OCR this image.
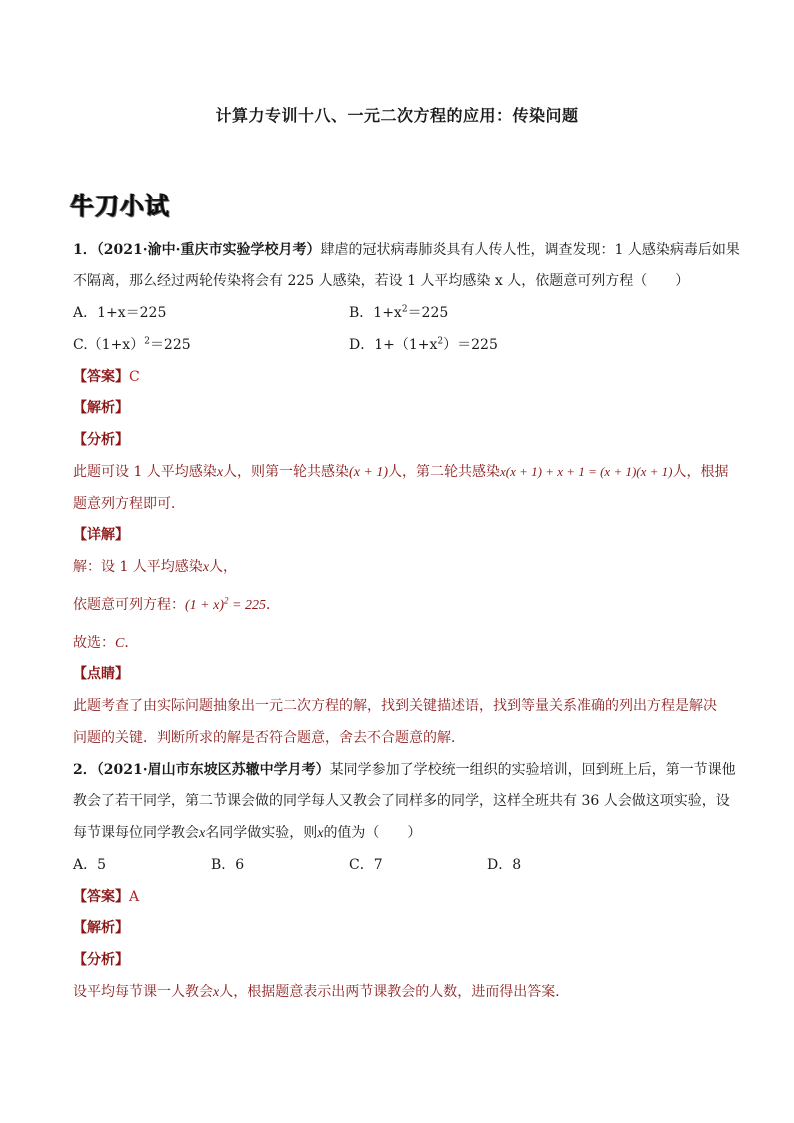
计算力专训十八、一元二次方程的应用：传染问题
牛刀小试
1．（2021·渝中·重庆市实验学校月考）肆虐的冠状病毒肺炎具有人传人性，调查发现：1 人感染病毒后如果
不隔离，那么经过两轮传染将会有 225 人感染，若设 1 人平均感染 x 人，依题意可列方程（　　）
A．1+x＝225	B．$1+x^2=225$
$C.(1+x)^2=225$	D．$1+(1+x^2)=225$
【答案】C
【解析】
【分析】
此题可设 1 人平均感染x人，则第一轮共感染(x + 1)人，第二轮共感染x(x + 1) + x + 1 = (x + 1)(x + 1)人，根据
题意列方程即可．
【详解】
解：设 1 人平均感染x人，
依题意可列方程：$(1 + x)^2 = 225$．
故选：C．
【点睛】
此题考查了由实际问题抽象出一元二次方程的解，找到关键描述语，找到等量关系准确的列出方程是解决
问题的关键．判断所求的解是否符合题意，舍去不合题意的解．
2．（2021·眉山市东坡区苏辙中学月考）某同学参加了学校统一组织的实验培训，回到班上后，第一节课他
教会了若干同学，第二节课会做的同学每人又教会了同样多的同学，这样全班共有 36 人会做这项实验，设
每节课每位同学教会x名同学做实验，则x的值为（　　）
A．5	B．6	C．7	D．8
【答案】A
【解析】
【分析】
设平均每节课一人教会x人，根据题意表示出两节课教会的人数，进而得出答案．
